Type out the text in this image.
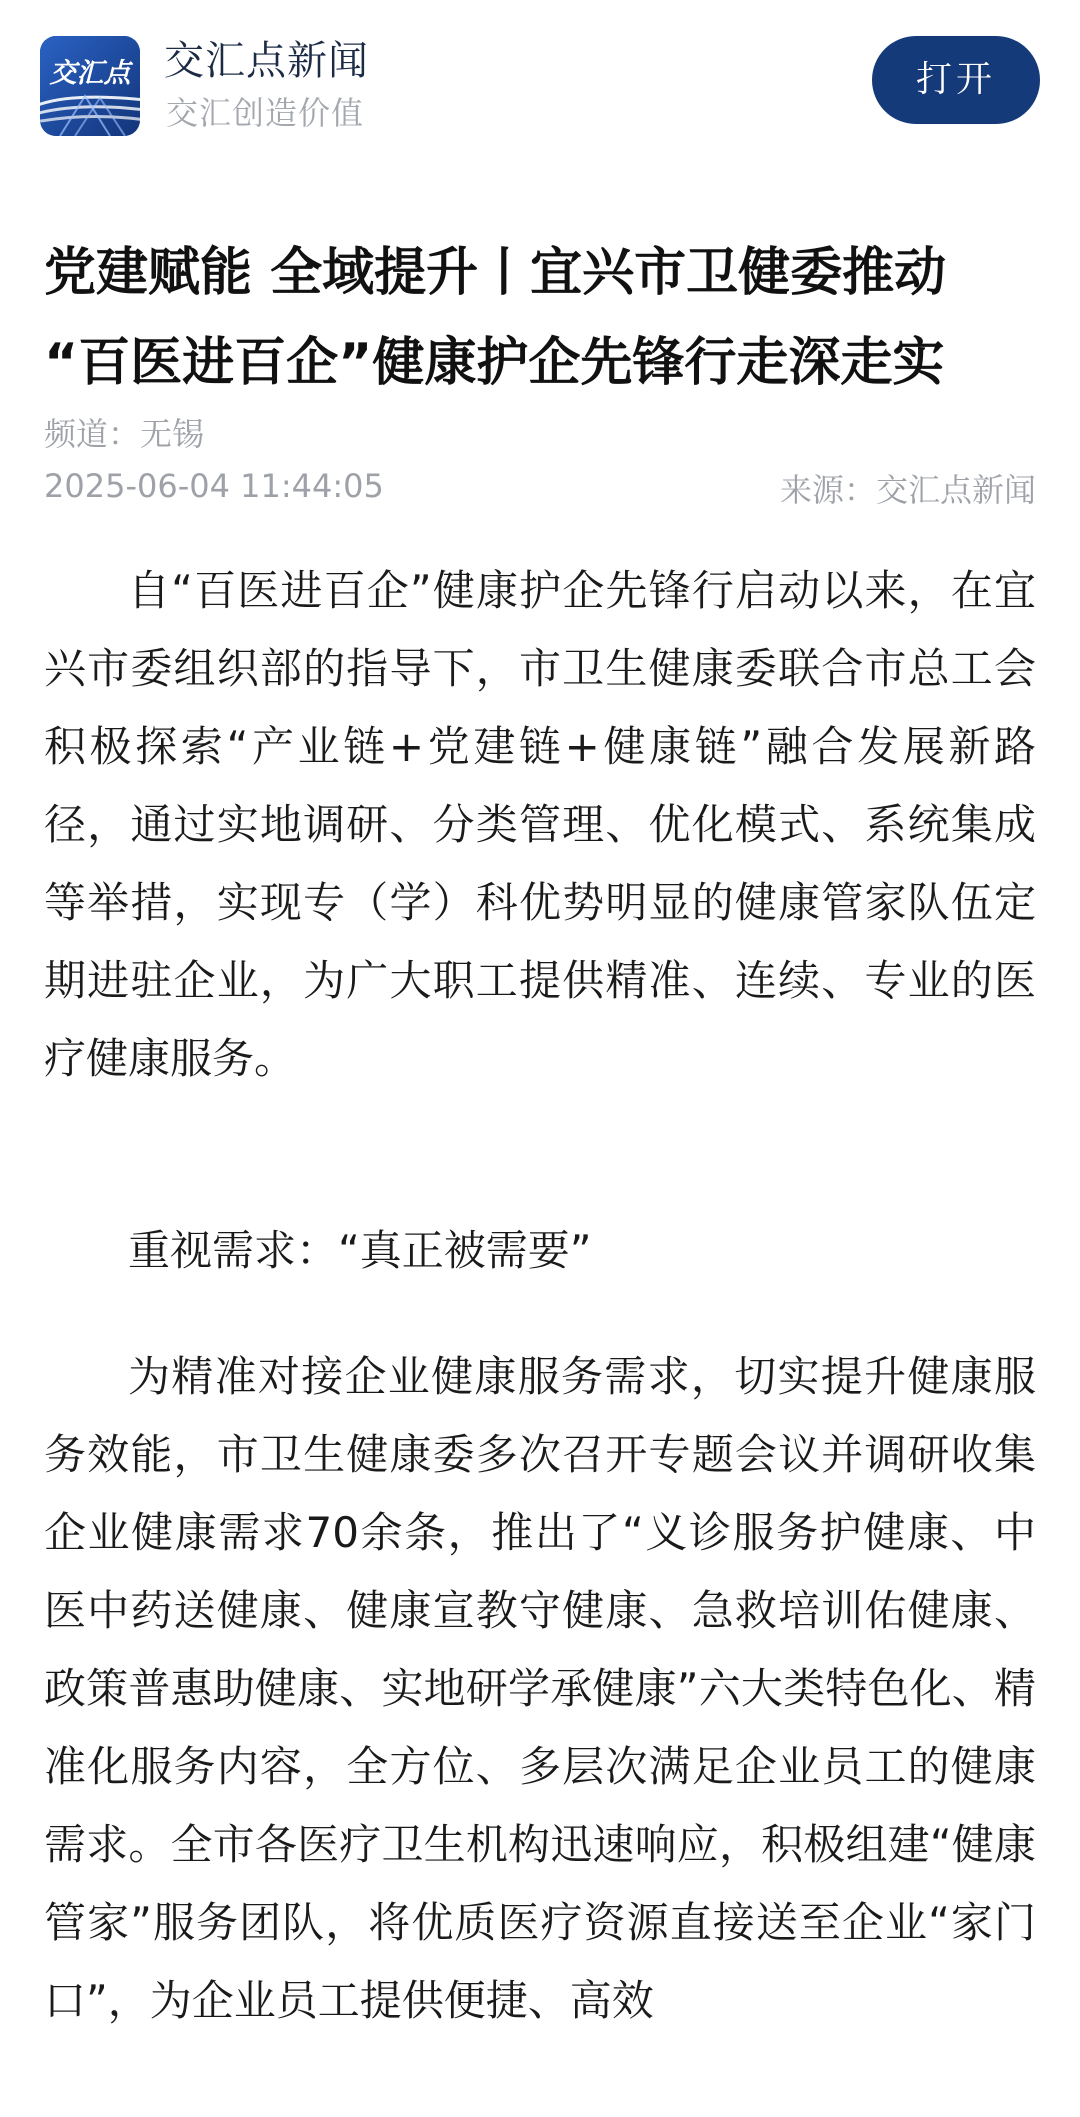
交汇点 交汇点新闻
交汇创造价值
打开
党建赋能 全域提升丨宜兴市卫健委推动
“百医进百企”健康护企先锋行走深走实
频道：无锡
2025-06-04 11:44:05	来源：交汇点新闻

自“百医进百企”健康护企先锋行启动以来，在宜兴市委组织部的指导下，市卫生健康委联合市总工会积极探索“产业链+党建链+健康链”融合发展新路径，通过实地调研、分类管理、优化模式、系统集成等举措，实现专（学）科优势明显的健康管家队伍定期进驻企业，为广大职工提供精准、连续、专业的医疗健康服务。

重视需求：“真正被需要”

为精准对接企业健康服务需求，切实提升健康服务效能，市卫生健康委多次召开专题会议并调研收集企业健康需求70余条，推出了“义诊服务护健康、中医中药送健康、健康宣教守健康、急救培训佑健康、政策普惠助健康、实地研学承健康”六大类特色化、精准化服务内容，全方位、多层次满足企业员工的健康需求。全市各医疗卫生机构迅速响应，积极组建“健康管家”服务团队，将优质医疗资源直接送至企业“家门口”，为企业员工提供便捷、高效
